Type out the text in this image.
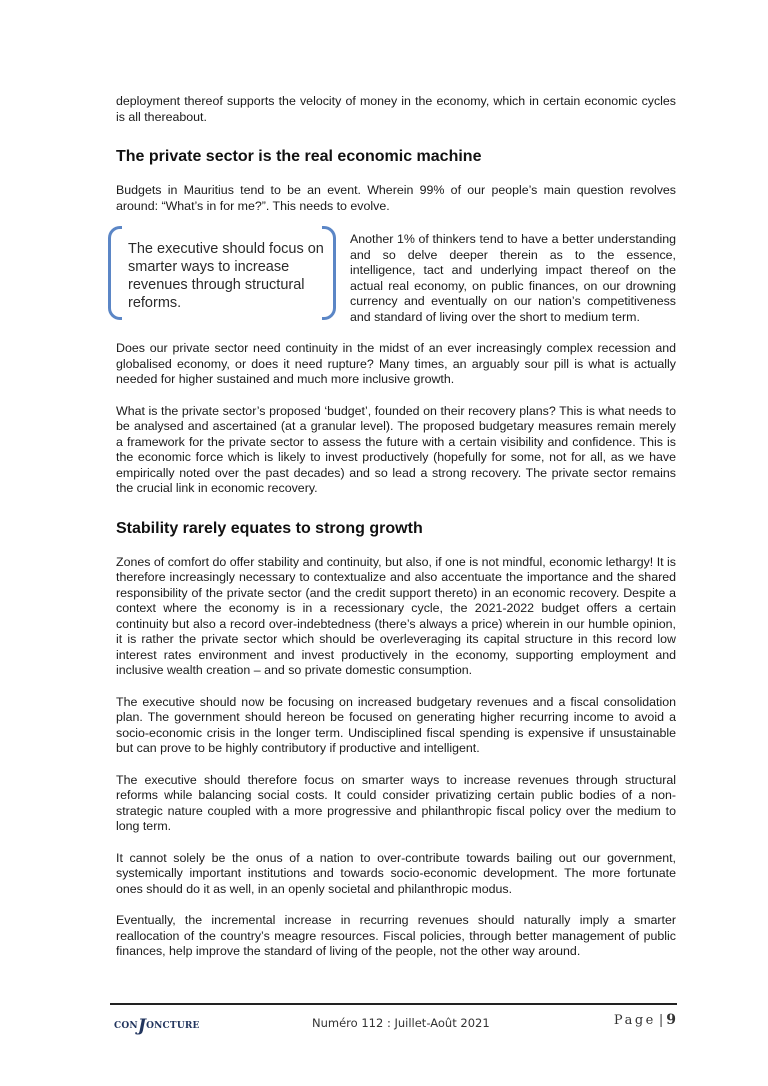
deployment thereof supports the velocity of money in the economy, which in certain economic cycles is all thereabout.

The private sector is the real economic machine

Budgets in Mauritius tend to be an event. Wherein 99% of our people’s main question revolves around: “What’s in for me?”. This needs to evolve.

The executive should focus on smarter ways to increase revenues through structural reforms.

Another 1% of thinkers tend to have a better understanding and so delve deeper therein as to the essence, intelligence, tact and underlying impact thereof on the actual real economy, on public finances, on our drowning currency and eventually on our nation’s competitiveness and standard of living over the short to medium term.

Does our private sector need continuity in the midst of an ever increasingly complex recession and globalised economy, or does it need rupture? Many times, an arguably sour pill is what is actually needed for higher sustained and much more inclusive growth.

What is the private sector’s proposed ‘budget’, founded on their recovery plans? This is what needs to be analysed and ascertained (at a granular level). The proposed budgetary measures remain merely a framework for the private sector to assess the future with a certain visibility and confidence. This is the economic force which is likely to invest productively (hopefully for some, not for all, as we have empirically noted over the past decades) and so lead a strong recovery. The private sector remains the crucial link in economic recovery.

Stability rarely equates to strong growth

Zones of comfort do offer stability and continuity, but also, if one is not mindful, economic lethargy! It is therefore increasingly necessary to contextualize and also accentuate the importance and the shared responsibility of the private sector (and the credit support thereto) in an economic recovery. Despite a context where the economy is in a recessionary cycle, the 2021-2022 budget offers a certain continuity but also a record over-indebtedness (there’s always a price) wherein in our humble opinion, it is rather the private sector which should be overleveraging its capital structure in this record low interest rates environment and invest productively in the economy, supporting employment and inclusive wealth creation – and so private domestic consumption.

The executive should now be focusing on increased budgetary revenues and a fiscal consolidation plan. The government should hereon be focused on generating higher recurring income to avoid a socio-economic crisis in the longer term. Undisciplined fiscal spending is expensive if unsustainable but can prove to be highly contributory if productive and intelligent.

The executive should therefore focus on smarter ways to increase revenues through structural reforms while balancing social costs. It could consider privatizing certain public bodies of a non-strategic nature coupled with a more progressive and philanthropic fiscal policy over the medium to long term.

It cannot solely be the onus of a nation to over-contribute towards bailing out our government, systemically important institutions and towards socio-economic development. The more fortunate ones should do it as well, in an openly societal and philanthropic modus.

Eventually, the incremental increase in recurring revenues should naturally imply a smarter reallocation of the country’s meagre resources. Fiscal policies, through better management of public finances, help improve the standard of living of the people, not the other way around.

CONJONCTURE	Numéro 112 : Juillet-Août 2021	Page | 9
